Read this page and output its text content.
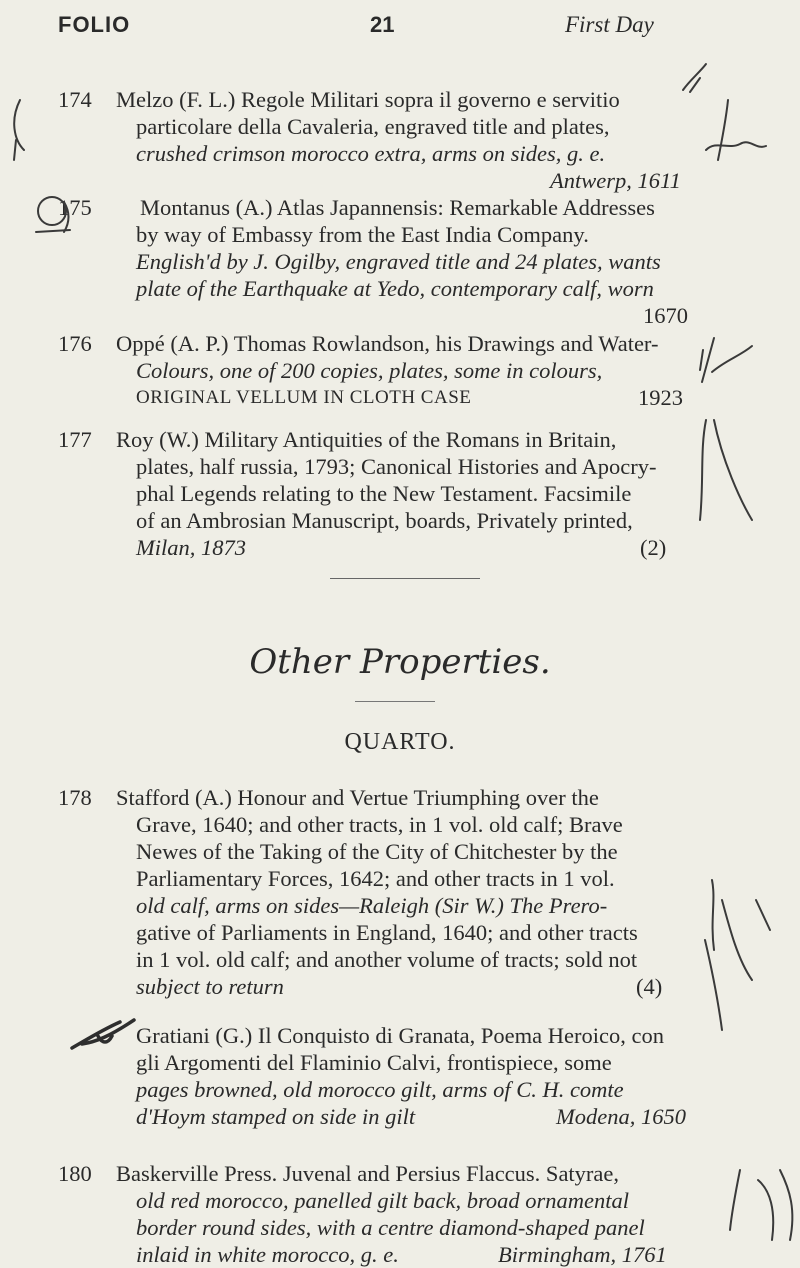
FOLIO	21	First Day
174	Melzo (F. L.) Regole Militari sopra il governo e servitio
particolare della Cavaleria, engraved title and plates,
crushed crimson morocco extra, arms on sides, g. e.
Antwerp, 1611
175	Montanus (A.) Atlas Japannensis: Remarkable Addresses
by way of Embassy from the East India Company.
English'd by J. Ogilby, engraved title and 24 plates, wants
plate of the Earthquake at Yedo, contemporary calf, worn
1670
176	Oppé (A. P.) Thomas Rowlandson, his Drawings and Water-
Colours, one of 200 copies, plates, some in colours,
ORIGINAL VELLUM IN CLOTH CASE	1923
177	Roy (W.) Military Antiquities of the Romans in Britain,
plates, half russia, 1793; Canonical Histories and Apocry-
phal Legends relating to the New Testament. Facsimile
of an Ambrosian Manuscript, boards, Privately printed,
Milan, 1873	(2)
Other Properties.
QUARTO.
178	Stafford (A.) Honour and Vertue Triumphing over the
Grave, 1640; and other tracts, in 1 vol. old calf; Brave
Newes of the Taking of the City of Chitchester by the
Parliamentary Forces, 1642; and other tracts in 1 vol.
old calf, arms on sides—Raleigh (Sir W.) The Prero-
gative of Parliaments in England, 1640; and other tracts
in 1 vol. old calf; and another volume of tracts; sold not
subject to return	(4)
Gratiani (G.) Il Conquisto di Granata, Poema Heroico, con
gli Argomenti del Flaminio Calvi, frontispiece, some
pages browned, old morocco gilt, arms of C. H. comte
d'Hoym stamped on side in gilt	Modena, 1650
180	Baskerville Press. Juvenal and Persius Flaccus. Satyrae,
old red morocco, panelled gilt back, broad ornamental
border round sides, with a centre diamond-shaped panel
inlaid in white morocco, g. e.	Birmingham, 1761
